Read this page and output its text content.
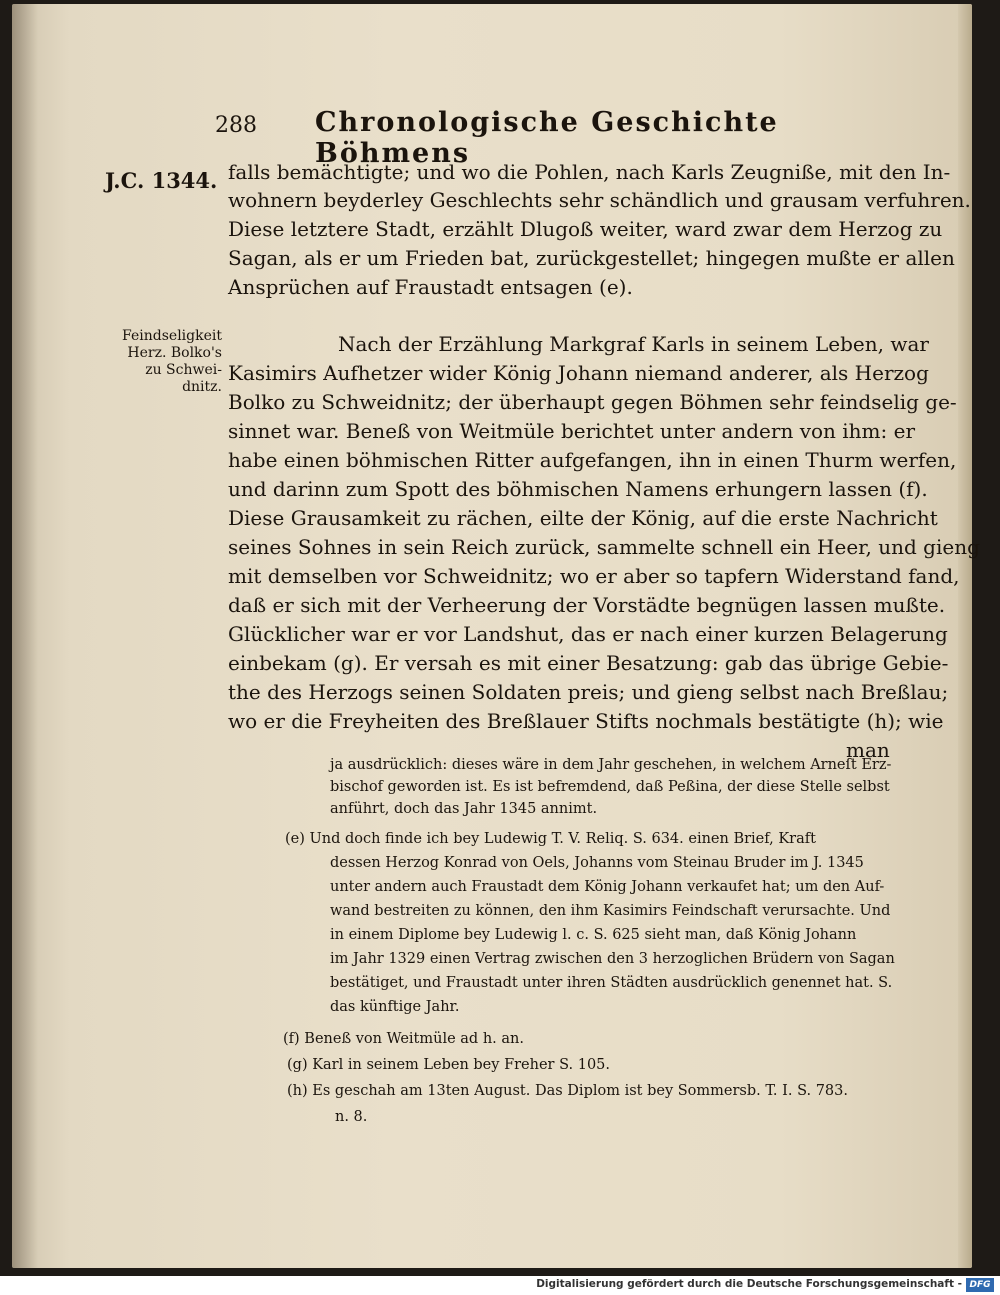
288 Chronologische Geschichte Böhmens
J.C. 1344.
Feindseligkeit
Herz. Bolko's
zu Schwei-
dnitz.
falls bemächtigte; und wo die Pohlen, nach Karls Zeugniße, mit den In-
wohnern beyderley Geschlechts sehr schändlich und grausam verfuhren.
Diese letztere Stadt, erzählt Dlugoß weiter, ward zwar dem Herzog zu
Sagan, als er um Frieden bat, zurückgestellet; hingegen mußte er allen
Ansprüchen auf Fraustadt entsagen (e).
Nach der Erzählung Markgraf Karls in seinem Leben, war
Kasimirs Aufhetzer wider König Johann niemand anderer, als Herzog
Bolko zu Schweidnitz; der überhaupt gegen Böhmen sehr feindselig ge-
sinnet war. Beneß von Weitmüle berichtet unter andern von ihm: er
habe einen böhmischen Ritter aufgefangen, ihn in einen Thurm werfen,
und darinn zum Spott des böhmischen Namens erhungern lassen (f).
Diese Grausamkeit zu rächen, eilte der König, auf die erste Nachricht
seines Sohnes in sein Reich zurück, sammelte schnell ein Heer, und gieng
mit demselben vor Schweidnitz; wo er aber so tapfern Widerstand fand,
daß er sich mit der Verheerung der Vorstädte begnügen lassen mußte.
Glücklicher war er vor Landshut, das er nach einer kurzen Belagerung
einbekam (g). Er versah es mit einer Besatzung: gab das übrige Gebie-
the des Herzogs seinen Soldaten preis; und gieng selbst nach Breßlau;
wo er die Freyheiten des Breßlauer Stifts nochmals bestätigte (h); wie
man
ja ausdrücklich: dieses wäre in dem Jahr geschehen, in welchem Arneſt Erz-
bischof geworden ist. Es ist befremdend, daß Peßina, der diese Stelle selbst
anführt, doch das Jahr 1345 annimt.
(e) Und doch finde ich bey Ludewig T. V. Reliq. S. 634. einen Brief, Kraft
dessen Herzog Konrad von Oels, Johanns vom Steinau Bruder im J. 1345
unter andern auch Fraustadt dem König Johann verkaufet hat; um den Auf-
wand bestreiten zu können, den ihm Kasimirs Feindschaft verursachte. Und
in einem Diplome bey Ludewig l. c. S. 625 sieht man, daß König Johann
im Jahr 1329 einen Vertrag zwischen den 3 herzoglichen Brüdern von Sagan
bestätiget, und Fraustadt unter ihren Städten ausdrücklich genennet hat. S.
das künftige Jahr.
(f) Beneß von Weitmüle ad h. an.
(g) Karl in seinem Leben bey Freher S. 105.
(h) Es geschah am 13ten August. Das Diplom ist bey Sommersb. T. I. S. 783.
n. 8.
Digitalisierung gefördert durch die Deutsche Forschungsgemeinschaft - DFG
